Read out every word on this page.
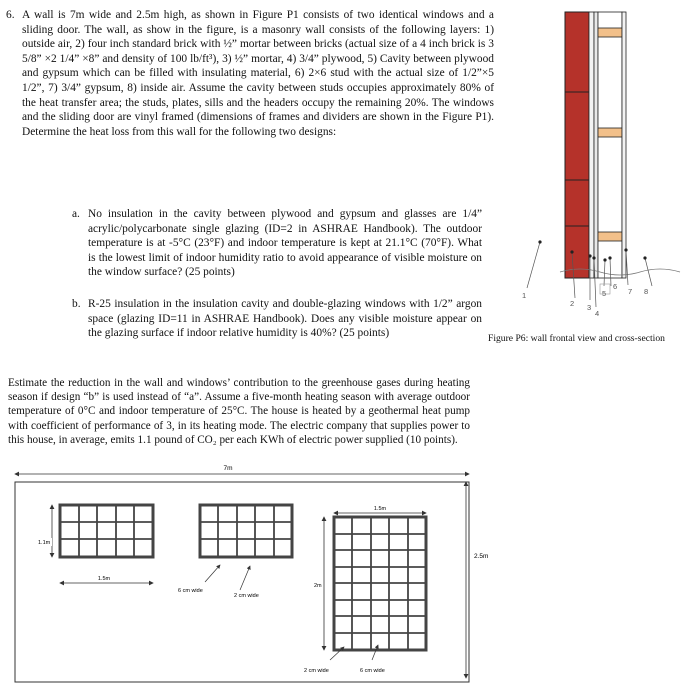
6. A wall is 7m wide and 2.5m high, as shown in Figure P1 consists of two identical windows and a sliding door. The wall, as show in the figure, is a masonry wall consists of the following layers: 1) outside air, 2) four inch standard brick with ½” mortar between bricks (actual size of a 4 inch brick is 3 5/8” ×2 1/4” ×8” and density of 100 lb/ft³), 3) ½” mortar, 4) 3/4” plywood, 5) Cavity between plywood and gypsum which can be filled with insulating material, 6) 2×6 stud with the actual size of 1/2”×5 1/2”, 7) 3/4” gypsum, 8) inside air. Assume the cavity between studs occupies approximately 80% of the heat transfer area; the studs, plates, sills and the headers occupy the remaining 20%. The windows and the sliding door are vinyl framed (dimensions of frames and dividers are shown in the Figure P1). Determine the heat loss from this wall for the following two designs:
a. No insulation in the cavity between plywood and gypsum and glasses are 1/4” acrylic/polycarbonate single glazing (ID=2 in ASHRAE Handbook). The outdoor temperature is at -5°C (23°F) and indoor temperature is kept at 21.1°C (70°F). What is the lowest limit of indoor humidity ratio to avoid appearance of visible moisture on the window surface? (25 points)
b. R-25 insulation in the insulation cavity and double-glazing windows with 1/2” argon space (glazing ID=11 in ASHRAE Handbook). Does any visible moisture appear on the glazing surface if indoor relative humidity is 40%? (25 points)
Estimate the reduction in the wall and windows’ contribution to the greenhouse gases during heating season if design “b” is used instead of “a”. Assume a five-month heating season with average outdoor temperature of 0°C and indoor temperature of 25°C. The house is heated by a geothermal heat pump with coefficient of performance of 3, in its heating mode. The electric company that supplies power to this house, in average, emits 1.1 pound of CO₂ per each KWh of electric power supplied (10 points).
Figure P6: wall frontal view and cross-section
1
2 3
4
5
6
7 8
7m
2.5m
1.1m
1.5m
6 cm wide
2 cm wide
1.5m
2m
2 cm wide	6 cm wide
